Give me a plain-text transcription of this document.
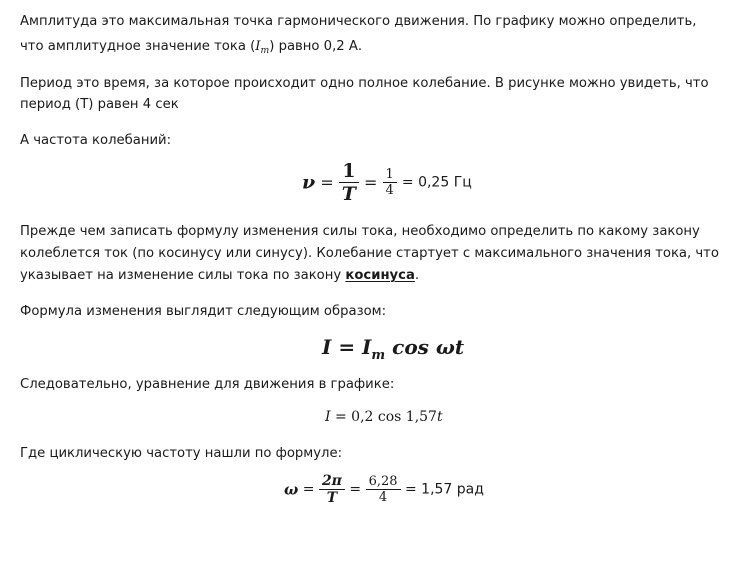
Амплитуда это максимальная точка гармонического движения. По графику можно определить,
что амплитудное значение тока $(I_m)$ равно 0,2 А.
Период это время, за которое происходит одно полное колебание. В рисунке можно увидеть, что
период (Т) равен 4 сек
А частота колебаний:
$\nu = \frac{1}{T} = \frac{1}{4} = 0,25$ Гц
Прежде чем записать формулу изменения силы тока, необходимо определить по какому закону
колеблется ток (по косинусу или синусу). Колебание стартует с максимального значения тока, что
указывает на изменение силы тока по закону косинуса.
Формула изменения выглядит следующим образом:
$I = I_m$ cos ωt
Следовательно, уравнение для движения в графике:
I = 0,2 cos 1,57t
Где циклическую частоту нашли по формуле:
$\omega = \frac{2\pi}{T} = \frac{6,28}{4} = 1,57$ рад
